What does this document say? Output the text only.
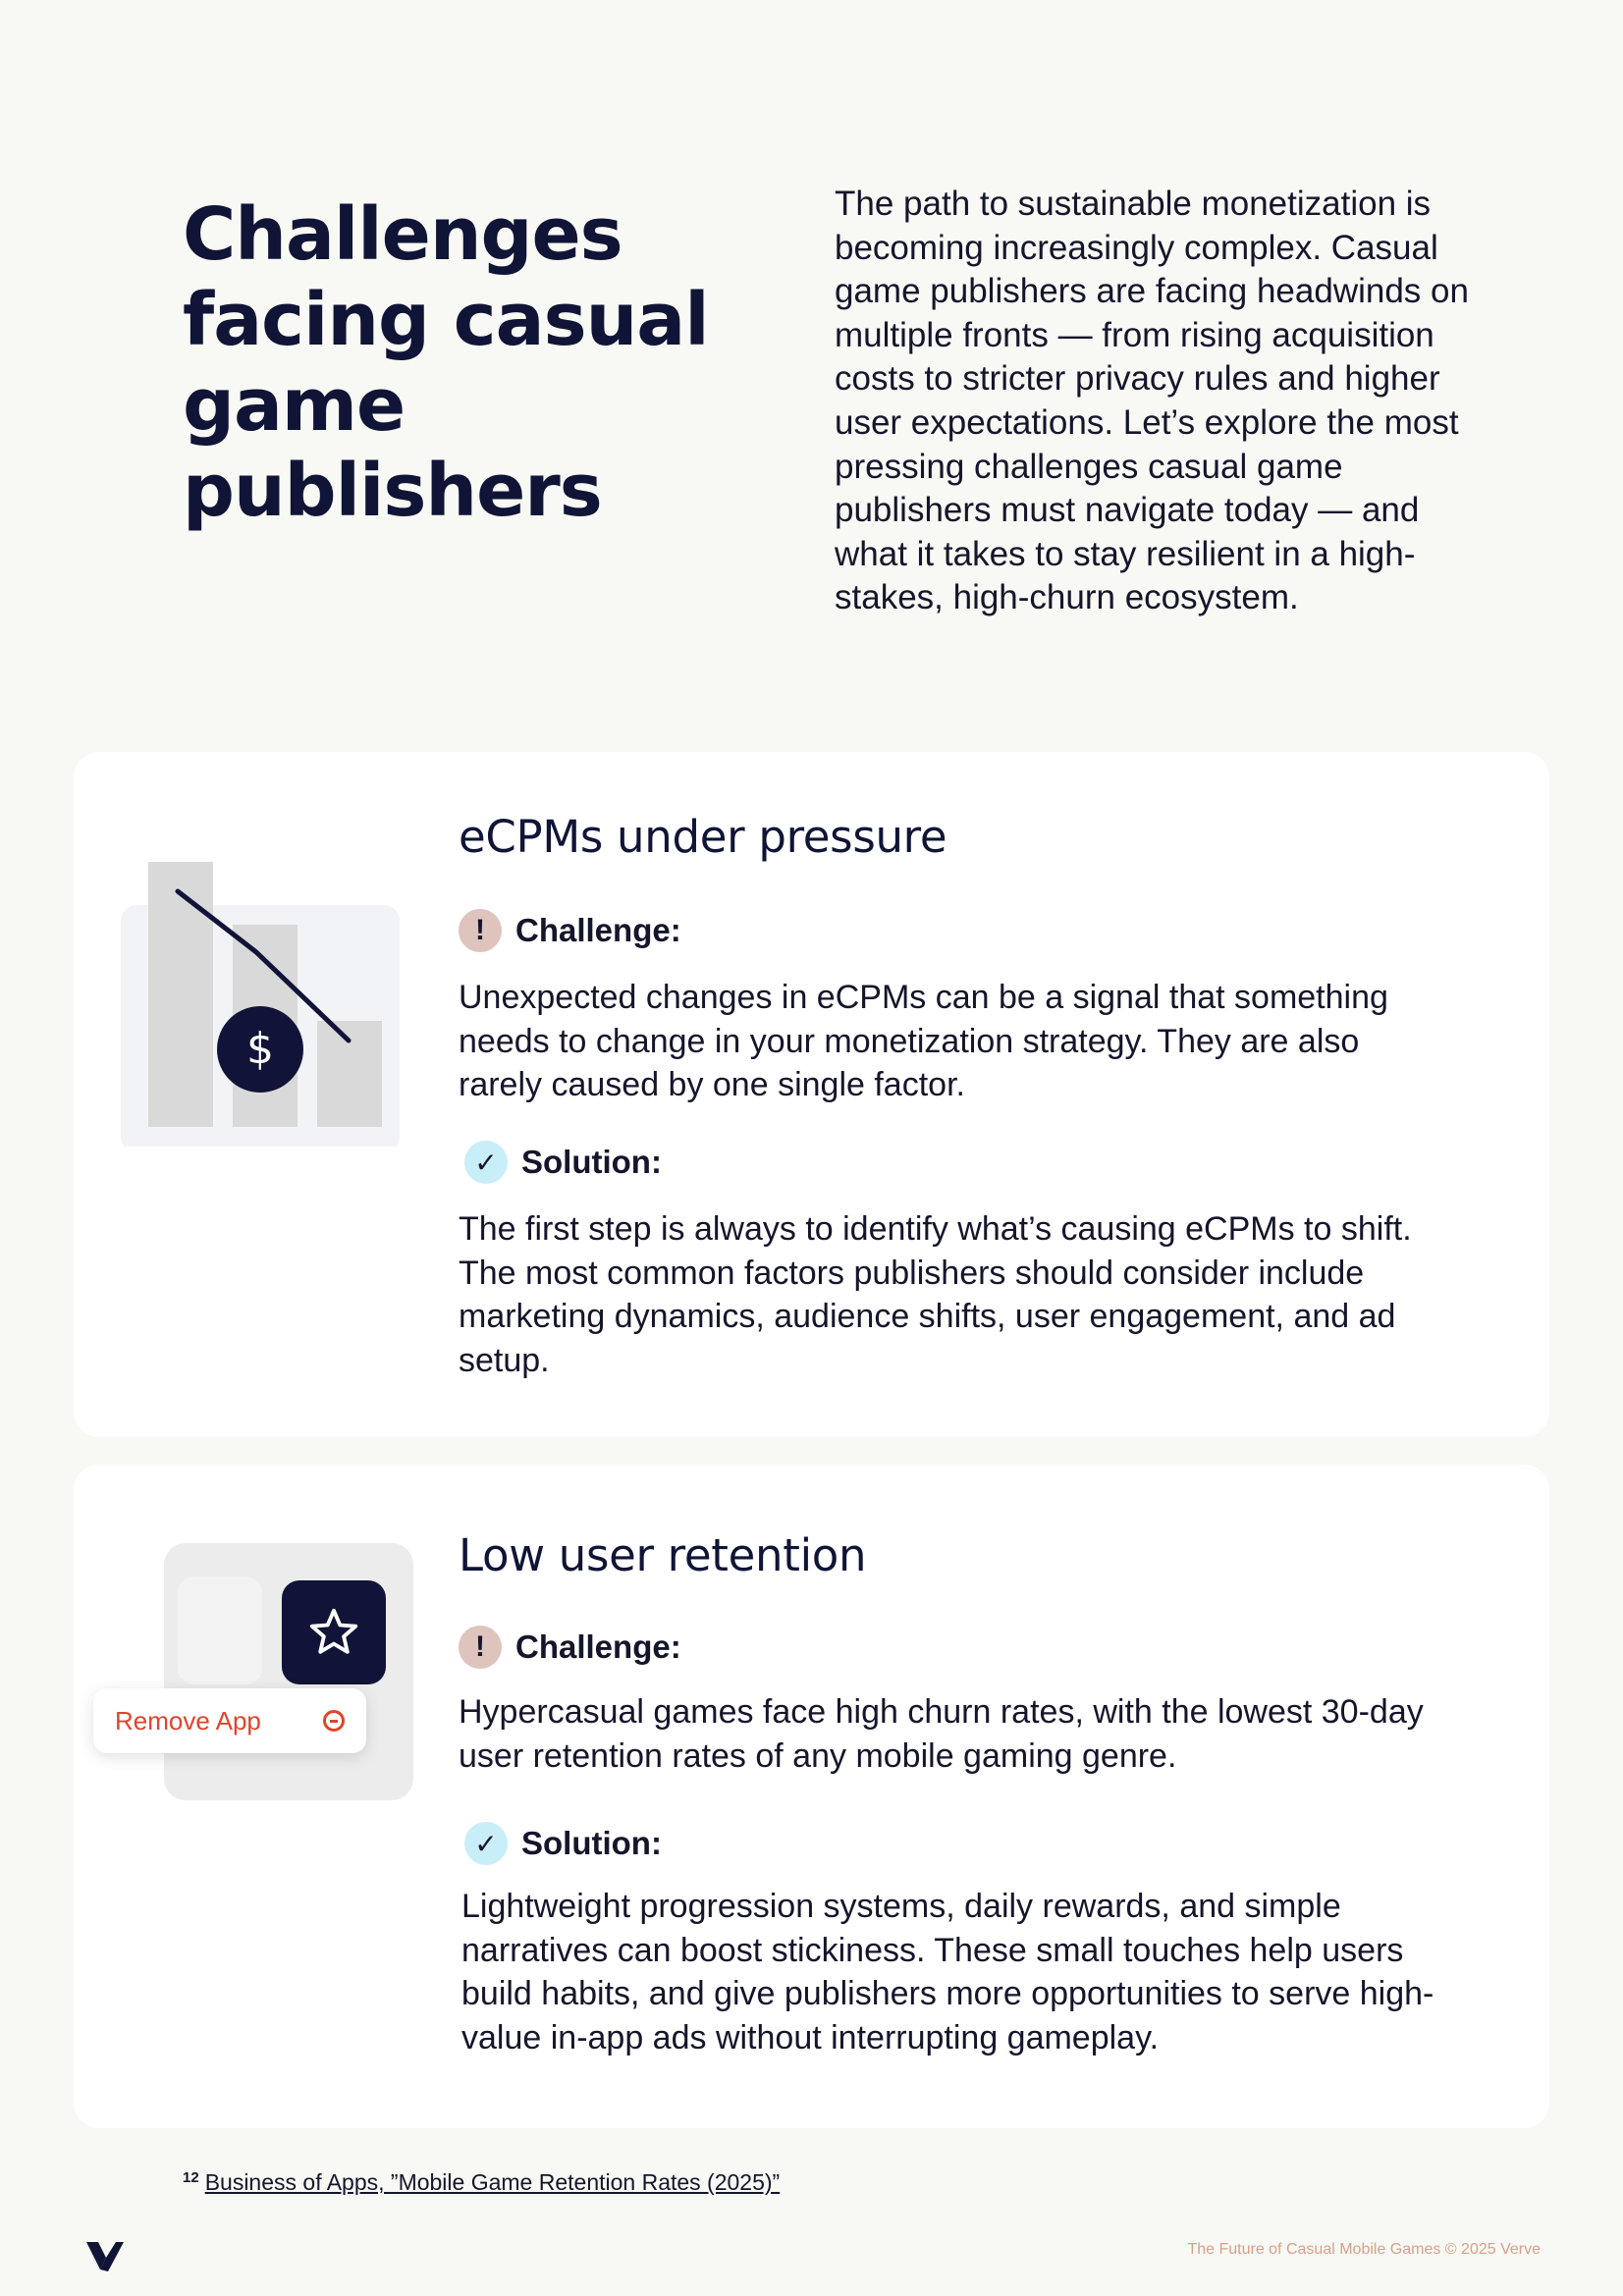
Challenges facing casual game publishers

The path to sustainable monetization is becoming increasingly complex. Casual game publishers are facing headwinds on multiple fronts — from rising acquisition costs to stricter privacy rules and higher user expectations. Let’s explore the most pressing challenges casual game publishers must navigate today — and what it takes to stay resilient in a high-stakes, high-churn ecosystem.

$
eCPMs under pressure
! Challenge:

Unexpected changes in eCPMs can be a signal that something needs to change in your monetization strategy. They are also rarely caused by one single factor.

✓ Solution:

The first step is always to identify what’s causing eCPMs to shift. The most common factors publishers should consider include marketing dynamics, audience shifts, user engagement, and ad setup.

Remove App
Low user retention
! Challenge:

Hypercasual games face high churn rates, with the lowest 30-day user retention rates of any mobile gaming genre.

✓ Solution:

Lightweight progression systems, daily rewards, and simple narratives can boost stickiness. These small touches help users build habits, and give publishers more opportunities to serve high-value in-app ads without interrupting gameplay.

$^{12}$ Business of Apps, ”Mobile Game Retention Rates (2025)”
The Future of Casual Mobile Games © 2025 Verve
